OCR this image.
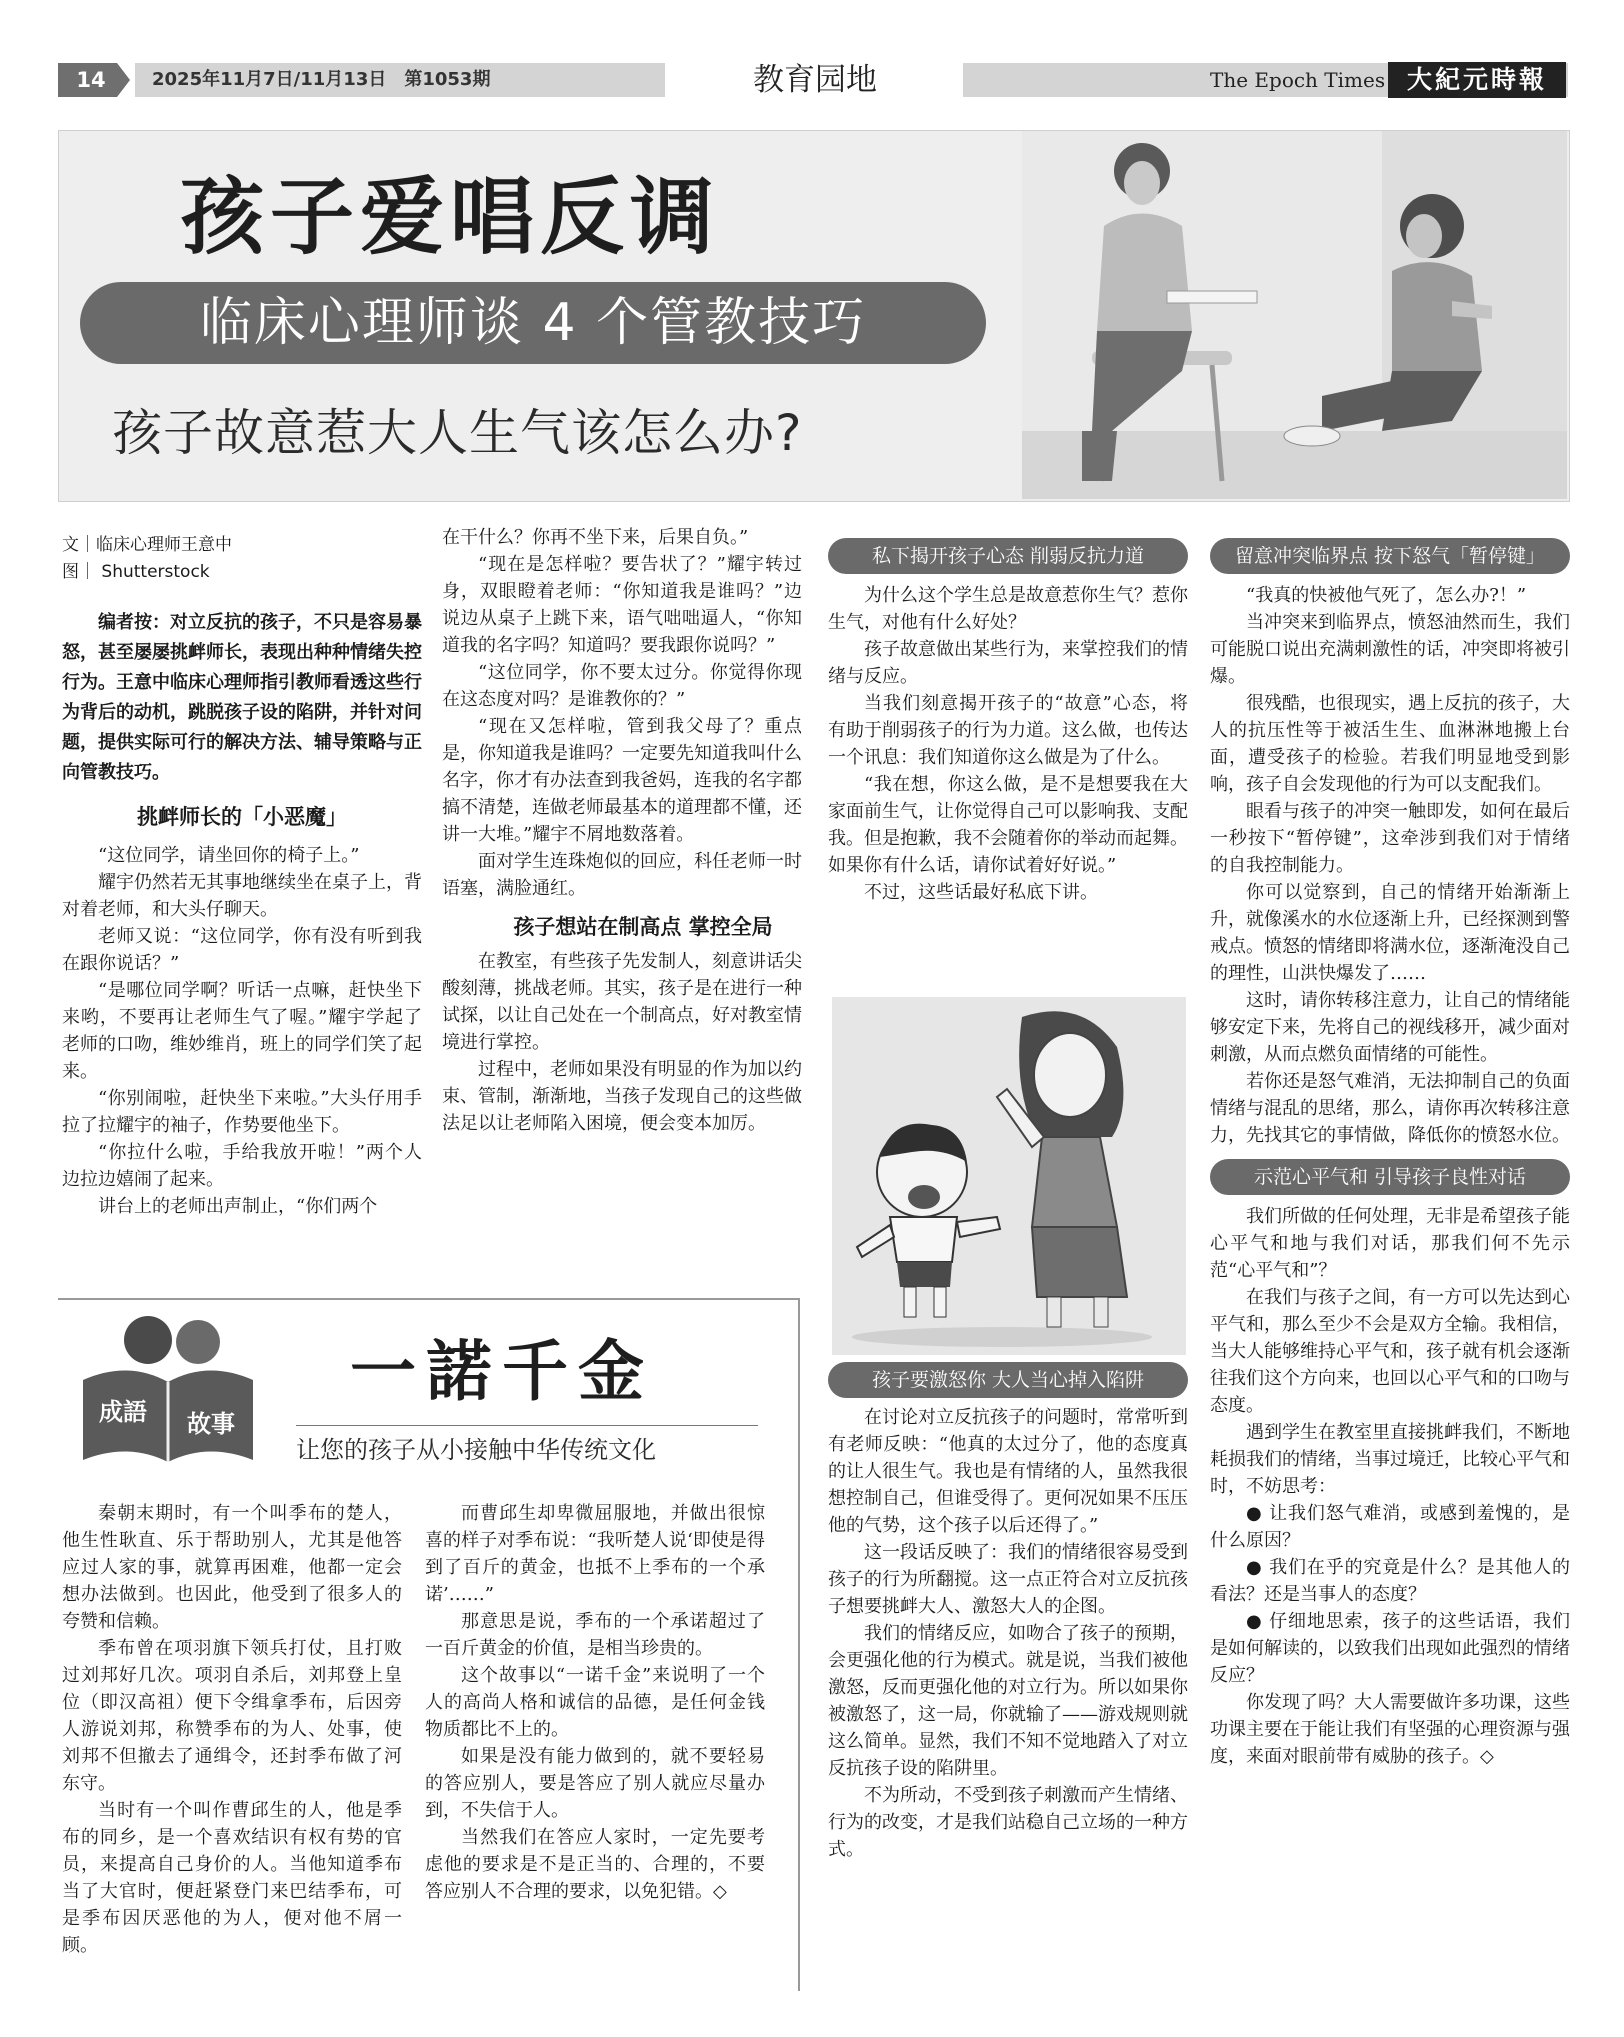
14	2025年11月7日/11月13日　第1053期	教育园地	The Epoch Times 大紀元時報
孩子爱唱反调
临床心理师谈 4 个管教技巧
孩子故意惹大人生气该怎么办?
文｜临床心理师王意中
图｜ Shutterstock

编者按：对立反抗的孩子，不只是容易暴怒，甚至屡屡挑衅师长，表现出种种情绪失控行为。王意中临床心理师指引教师看透这些行为背后的动机，跳脱孩子设的陷阱，并针对问题，提供实际可行的解决方法、辅导策略与正向管教技巧。

挑衅师长的「小恶魔」

“这位同学，请坐回你的椅子上。”

耀宇仍然若无其事地继续坐在桌子上，背对着老师，和大头仔聊天。

老师又说：“这位同学，你有没有听到我在跟你说话？”

“是哪位同学啊？听话一点嘛，赶快坐下来哟，不要再让老师生气了喔。”耀宇学起了老师的口吻，维妙维肖，班上的同学们笑了起来。

“你别闹啦，赶快坐下来啦。”大头仔用手拉了拉耀宇的袖子，作势要他坐下。

“你拉什么啦，手给我放开啦！”两个人边拉边嬉闹了起来。

讲台上的老师出声制止，“你们两个

在干什么？你再不坐下来，后果自负。”

“现在是怎样啦？要告状了？”耀宇转过身，双眼瞪着老师：“你知道我是谁吗？”边说边从桌子上跳下来，语气咄咄逼人，“你知道我的名字吗？知道吗？要我跟你说吗？”

“这位同学，你不要太过分。你觉得你现在这态度对吗？是谁教你的？”

“现在又怎样啦，管到我父母了？重点是，你知道我是谁吗？一定要先知道我叫什么名字，你才有办法查到我爸妈，连我的名字都搞不清楚，连做老师最基本的道理都不懂，还讲一大堆。”耀宇不屑地数落着。

面对学生连珠炮似的回应，科任老师一时语塞，满脸通红。

孩子想站在制高点 掌控全局

在教室，有些孩子先发制人，刻意讲话尖酸刻薄，挑战老师。其实，孩子是在进行一种试探，以让自己处在一个制高点，好对教室情境进行掌控。

过程中，老师如果没有明显的作为加以约束、管制，渐渐地，当孩子发现自己的这些做法足以让老师陷入困境，便会变本加厉。

私下揭开孩子心态 削弱反抗力道

为什么这个学生总是故意惹你生气？惹你生气，对他有什么好处？

孩子故意做出某些行为，来掌控我们的情绪与反应。

当我们刻意揭开孩子的“故意”心态，将有助于削弱孩子的行为力道。这么做，也传达一个讯息：我们知道你这么做是为了什么。

“我在想，你这么做，是不是想要我在大家面前生气，让你觉得自己可以影响我、支配我。但是抱歉，我不会随着你的举动而起舞。如果你有什么话，请你试着好好说。”

不过，这些话最好私底下讲。

孩子要激怒你 大人当心掉入陷阱

在讨论对立反抗孩子的问题时，常常听到有老师反映：“他真的太过分了，他的态度真的让人很生气。我也是有情绪的人，虽然我很想控制自己，但谁受得了。更何况如果不压压他的气势，这个孩子以后还得了。”

这一段话反映了：我们的情绪很容易受到孩子的行为所翻搅。这一点正符合对立反抗孩子想要挑衅大人、激怒大人的企图。

我们的情绪反应，如吻合了孩子的预期，会更强化他的行为模式。就是说，当我们被他激怒，反而更强化他的对立行为。所以如果你被激怒了，这一局，你就输了——游戏规则就这么简单。显然，我们不知不觉地踏入了对立反抗孩子设的陷阱里。

不为所动，不受到孩子刺激而产生情绪、行为的改变，才是我们站稳自己立场的一种方式。

留意冲突临界点 按下怒气「暂停键」

“我真的快被他气死了，怎么办?！”

当冲突来到临界点，愤怒油然而生，我们可能脱口说出充满刺激性的话，冲突即将被引爆。

很残酷，也很现实，遇上反抗的孩子，大人的抗压性等于被活生生、血淋淋地搬上台面，遭受孩子的检验。若我们明显地受到影响，孩子自会发现他的行为可以支配我们。

眼看与孩子的冲突一触即发，如何在最后一秒按下“暂停键”，这牵涉到我们对于情绪的自我控制能力。

你可以觉察到，自己的情绪开始渐渐上升，就像溪水的水位逐渐上升，已经探测到警戒点。愤怒的情绪即将满水位，逐渐淹没自己的理性，山洪快爆发了……

这时，请你转移注意力，让自己的情绪能够安定下来，先将自己的视线移开，减少面对刺激，从而点燃负面情绪的可能性。

若你还是怒气难消，无法抑制自己的负面情绪与混乱的思绪，那么，请你再次转移注意力，先找其它的事情做，降低你的愤怒水位。

示范心平气和 引导孩子良性对话

我们所做的任何处理，无非是希望孩子能心平气和地与我们对话，那我们何不先示范“心平气和”？

在我们与孩子之间，有一方可以先达到心平气和，那么至少不会是双方全输。我相信，当大人能够维持心平气和，孩子就有机会逐渐往我们这个方向来，也回以心平气和的口吻与态度。

遇到学生在教室里直接挑衅我们，不断地耗损我们的情绪，当事过境迁，比较心平气和时，不妨思考：

● 让我们怒气难消，或感到羞愧的，是什么原因？

● 我们在乎的究竟是什么？是其他人的看法？还是当事人的态度？

● 仔细地思索，孩子的这些话语，我们是如何解读的，以致我们出现如此强烈的情绪反应？

你发现了吗？大人需要做许多功课，这些功课主要在于能让我们有坚强的心理资源与强度，来面对眼前带有威胁的孩子。◇

成語 故事
一諾千金
让您的孩子从小接触中华传统文化

秦朝末期时，有一个叫季布的楚人，他生性耿直、乐于帮助别人，尤其是他答应过人家的事，就算再困难，他都一定会想办法做到。也因此，他受到了很多人的夸赞和信赖。

季布曾在项羽旗下领兵打仗，且打败过刘邦好几次。项羽自杀后，刘邦登上皇位（即汉高祖）便下令缉拿季布，后因旁人游说刘邦，称赞季布的为人、处事，使刘邦不但撤去了通缉令，还封季布做了河东守。

当时有一个叫作曹邱生的人，他是季布的同乡，是一个喜欢结识有权有势的官员，来提高自己身价的人。当他知道季布当了大官时，便赶紧登门来巴结季布，可是季布因厌恶他的为人，便对他不屑一顾。

而曹邱生却卑微屈服地，并做出很惊喜的样子对季布说：“我听楚人说‘即使是得到了百斤的黄金，也抵不上季布的一个承诺’……”

那意思是说，季布的一个承诺超过了一百斤黄金的价值，是相当珍贵的。

这个故事以“一诺千金”来说明了一个人的高尚人格和诚信的品德，是任何金钱物质都比不上的。

如果是没有能力做到的，就不要轻易的答应别人，要是答应了别人就应尽量办到，不失信于人。

当然我们在答应人家时，一定先要考虑他的要求是不是正当的、合理的，不要答应别人不合理的要求，以免犯错。◇
